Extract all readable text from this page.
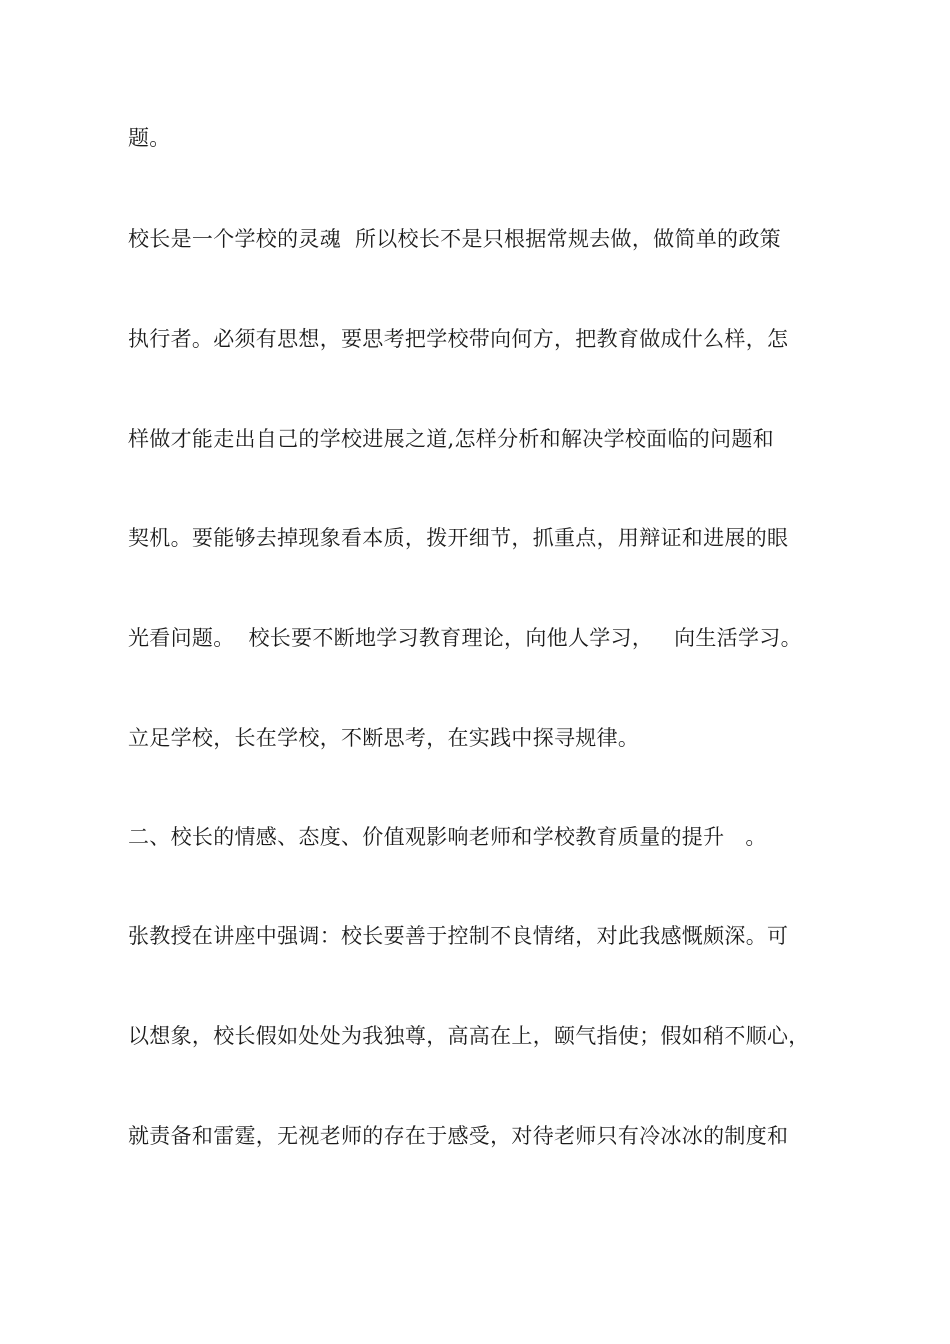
题。
校长是一个学校的灵魂  所以校长不是只根据常规去做，做简单的政策
执行者。必须有思想，要思考把学校带向何方，把教育做成什么样，怎
样做才能走出自己的学校进展之道,怎样分析和解决学校面临的问题和
契机。要能够去掉现象看本质，拨开细节，抓重点，用辩证和进展的眼
光看问题。  校长要不断地学习教育理论，向他人学习，   向生活学习。
立足学校，长在学校，不断思考，在实践中探寻规律。
二、校长的情感、态度、价值观影响老师和学校教育质量的提升   。
张教授在讲座中强调：校长要善于控制不良情绪，对此我感慨颇深。可
以想象，校长假如处处为我独尊，高高在上，颐气指使；假如稍不顺心，
就责备和雷霆，无视老师的存在于感受，对待老师只有冷冰冰的制度和
